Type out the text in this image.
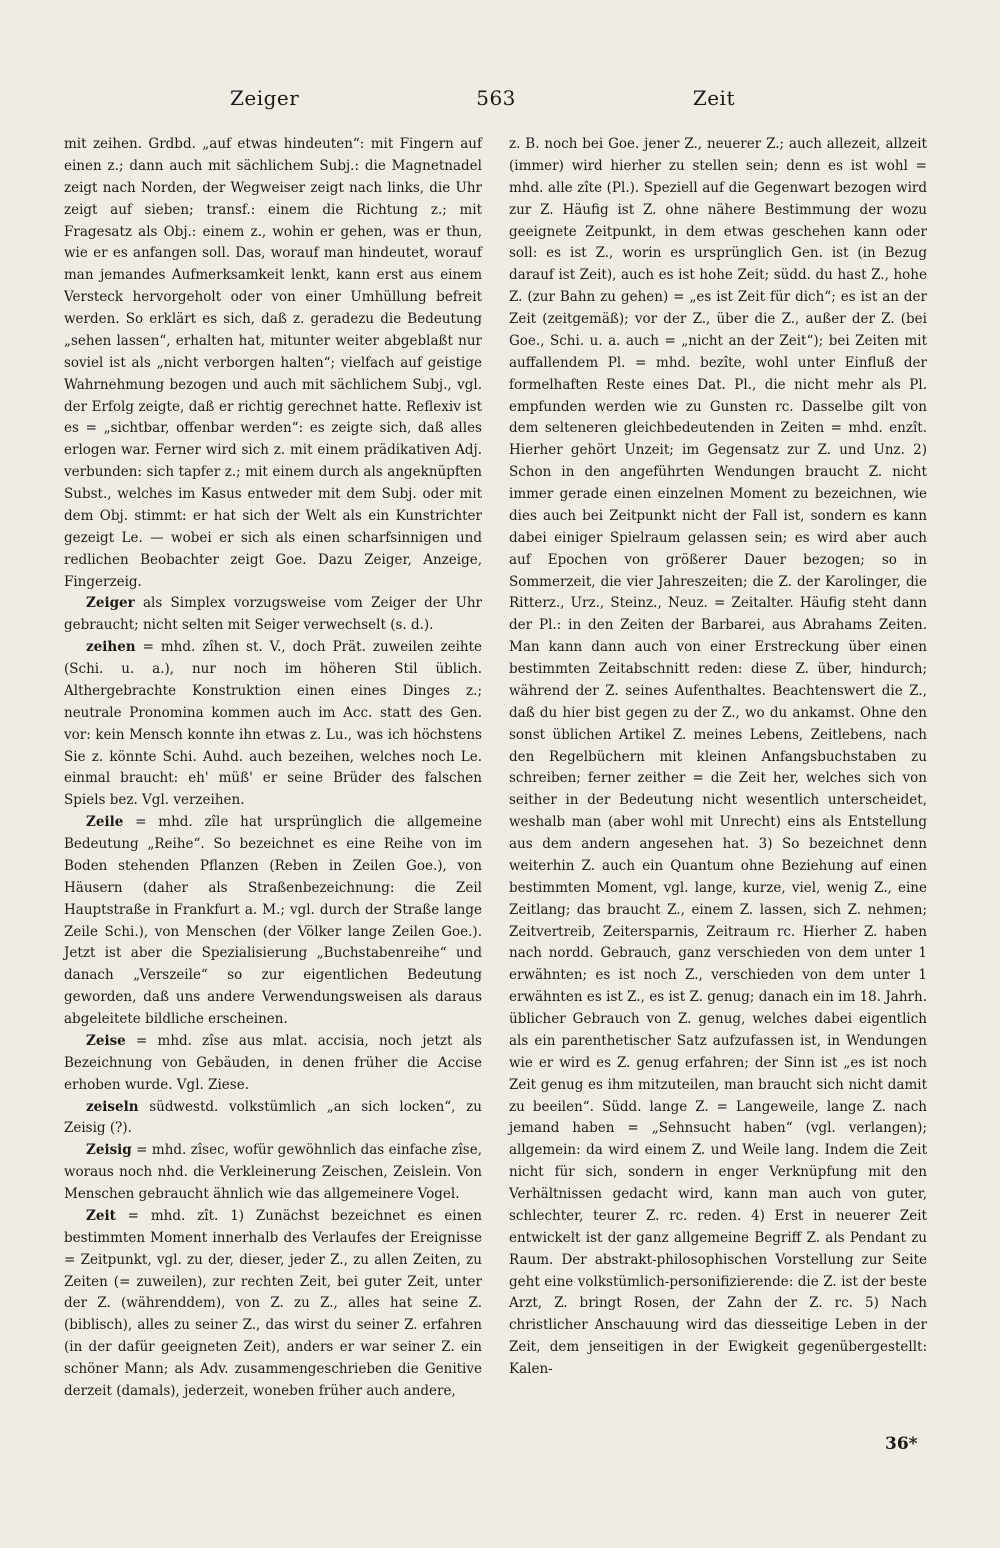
Zeiger	563	Zeit

mit zeihen. Grdbd. „auf etwas hindeuten“: mit Fingern auf einen z.; dann auch mit sächlichem Subj.: die Magnetnadel zeigt nach Norden, der Wegweiser zeigt nach links, die Uhr zeigt auf sieben; transf.: einem die Richtung z.; mit Fragesatz als Obj.: einem z., wohin er gehen, was er thun, wie er es anfangen soll. Das, worauf man hindeutet, worauf man jemandes Aufmerksamkeit lenkt, kann erst aus einem Versteck hervorgeholt oder von einer Umhüllung befreit werden. So erklärt es sich, daß z. geradezu die Bedeutung „sehen lassen“, erhalten hat, mitunter weiter abgeblaßt nur soviel ist als „nicht verborgen halten“; vielfach auf geistige Wahrnehmung bezogen und auch mit sächlichem Subj., vgl. der Erfolg zeigte, daß er richtig gerechnet hatte. Reflexiv ist es = „sichtbar, offenbar werden“: es zeigte sich, daß alles erlogen war. Ferner wird sich z. mit einem prädikativen Adj. verbunden: sich tapfer z.; mit einem durch als angeknüpften Subst., welches im Kasus entweder mit dem Subj. oder mit dem Obj. stimmt: er hat sich der Welt als ein Kunstrichter gezeigt Le. — wobei er sich als einen scharfsinnigen und redlichen Beobachter zeigt Goe. Dazu Zeiger, Anzeige, Fingerzeig.

Zeiger als Simplex vorzugsweise vom Zeiger der Uhr gebraucht; nicht selten mit Seiger verwechselt (s. d.).

zeihen = mhd. zîhen st. V., doch Prät. zuweilen zeihte (Schi. u. a.), nur noch im höheren Stil üblich. Althergebrachte Konstruktion einen eines Dinges z.; neutrale Pronomina kommen auch im Acc. statt des Gen. vor: kein Mensch konnte ihn etwas z. Lu., was ich höchstens Sie z. könnte Schi. Auhd. auch bezeihen, welches noch Le. einmal braucht: eh' müß' er seine Brüder des falschen Spiels bez. Vgl. verzeihen.

Zeile = mhd. zîle hat ursprünglich die allgemeine Bedeutung „Reihe“. So bezeichnet es eine Reihe von im Boden stehenden Pflanzen (Reben in Zeilen Goe.), von Häusern (daher als Straßenbezeichnung: die Zeil Hauptstraße in Frankfurt a. M.; vgl. durch der Straße lange Zeile Schi.), von Menschen (der Völker lange Zeilen Goe.). Jetzt ist aber die Spezialisierung „Buchstabenreihe“ und danach „Verszeile“ so zur eigentlichen Bedeutung geworden, daß uns andere Verwendungsweisen als daraus abgeleitete bildliche erscheinen.

Zeise = mhd. zîse aus mlat. accisia, noch jetzt als Bezeichnung von Gebäuden, in denen früher die Accise erhoben wurde. Vgl. Ziese.

zeiseln südwestd. volkstümlich „an sich locken“, zu Zeisig (?).

Zeisig = mhd. zîsec, wofür gewöhnlich das einfache zîse, woraus noch nhd. die Verkleinerung Zeischen, Zeislein. Von Menschen gebraucht ähnlich wie das allgemeinere Vogel.

Zeit = mhd. zît. 1) Zunächst bezeichnet es einen bestimmten Moment innerhalb des Verlaufes der Ereignisse = Zeitpunkt, vgl. zu der, dieser, jeder Z., zu allen Zeiten, zu Zeiten (= zuweilen), zur rechten Zeit, bei guter Zeit, unter der Z. (währenddem), von Z. zu Z., alles hat seine Z. (biblisch), alles zu seiner Z., das wirst du seiner Z. erfahren (in der dafür geeigneten Zeit), anders er war seiner Z. ein schöner Mann; als Adv. zusammengeschrieben die Genitive derzeit (damals), jederzeit, woneben früher auch andere,

z. B. noch bei Goe. jener Z., neuerer Z.; auch allezeit, allzeit (immer) wird hierher zu stellen sein; denn es ist wohl = mhd. alle zîte (Pl.). Speziell auf die Gegenwart bezogen wird zur Z. Häufig ist Z. ohne nähere Bestimmung der wozu geeignete Zeitpunkt, in dem etwas geschehen kann oder soll: es ist Z., worin es ursprünglich Gen. ist (in Bezug darauf ist Zeit), auch es ist hohe Zeit; südd. du hast Z., hohe Z. (zur Bahn zu gehen) = „es ist Zeit für dich“; es ist an der Zeit (zeitgemäß); vor der Z., über die Z., außer der Z. (bei Goe., Schi. u. a. auch = „nicht an der Zeit“); bei Zeiten mit auffallendem Pl. = mhd. bezîte, wohl unter Einfluß der formelhaften Reste eines Dat. Pl., die nicht mehr als Pl. empfunden werden wie zu Gunsten rc. Dasselbe gilt von dem selteneren gleichbedeutenden in Zeiten = mhd. enzît. Hierher gehört Unzeit; im Gegensatz zur Z. und Unz. 2) Schon in den angeführten Wendungen braucht Z. nicht immer gerade einen einzelnen Moment zu bezeichnen, wie dies auch bei Zeitpunkt nicht der Fall ist, sondern es kann dabei einiger Spielraum gelassen sein; es wird aber auch auf Epochen von größerer Dauer bezogen; so in Sommerzeit, die vier Jahreszeiten; die Z. der Karolinger, die Ritterz., Urz., Steinz., Neuz. = Zeitalter. Häufig steht dann der Pl.: in den Zeiten der Barbarei, aus Abrahams Zeiten. Man kann dann auch von einer Erstreckung über einen bestimmten Zeitabschnitt reden: diese Z. über, hindurch; während der Z. seines Aufenthaltes. Beachtenswert die Z., daß du hier bist gegen zu der Z., wo du ankamst. Ohne den sonst üblichen Artikel Z. meines Lebens, Zeitlebens, nach den Regelbüchern mit kleinen Anfangsbuchstaben zu schreiben; ferner zeither = die Zeit her, welches sich von seither in der Bedeutung nicht wesentlich unterscheidet, weshalb man (aber wohl mit Unrecht) eins als Entstellung aus dem andern angesehen hat. 3) So bezeichnet denn weiterhin Z. auch ein Quantum ohne Beziehung auf einen bestimmten Moment, vgl. lange, kurze, viel, wenig Z., eine Zeitlang; das braucht Z., einem Z. lassen, sich Z. nehmen; Zeitvertreib, Zeitersparnis, Zeitraum rc. Hierher Z. haben nach nordd. Gebrauch, ganz verschieden von dem unter 1 erwähnten; es ist noch Z., verschieden von dem unter 1 erwähnten es ist Z., es ist Z. genug; danach ein im 18. Jahrh. üblicher Gebrauch von Z. genug, welches dabei eigentlich als ein parenthetischer Satz aufzufassen ist, in Wendungen wie er wird es Z. genug erfahren; der Sinn ist „es ist noch Zeit genug es ihm mitzuteilen, man braucht sich nicht damit zu beeilen“. Südd. lange Z. = Langeweile, lange Z. nach jemand haben = „Sehnsucht haben“ (vgl. verlangen); allgemein: da wird einem Z. und Weile lang. Indem die Zeit nicht für sich, sondern in enger Verknüpfung mit den Verhältnissen gedacht wird, kann man auch von guter, schlechter, teurer Z. rc. reden. 4) Erst in neuerer Zeit entwickelt ist der ganz allgemeine Begriff Z. als Pendant zu Raum. Der abstrakt-philosophischen Vorstellung zur Seite geht eine volkstümlich-personifizierende: die Z. ist der beste Arzt, Z. bringt Rosen, der Zahn der Z. rc. 5) Nach christlicher Anschauung wird das diesseitige Leben in der Zeit, dem jenseitigen in der Ewigkeit gegenübergestellt: Kalen-

36*
